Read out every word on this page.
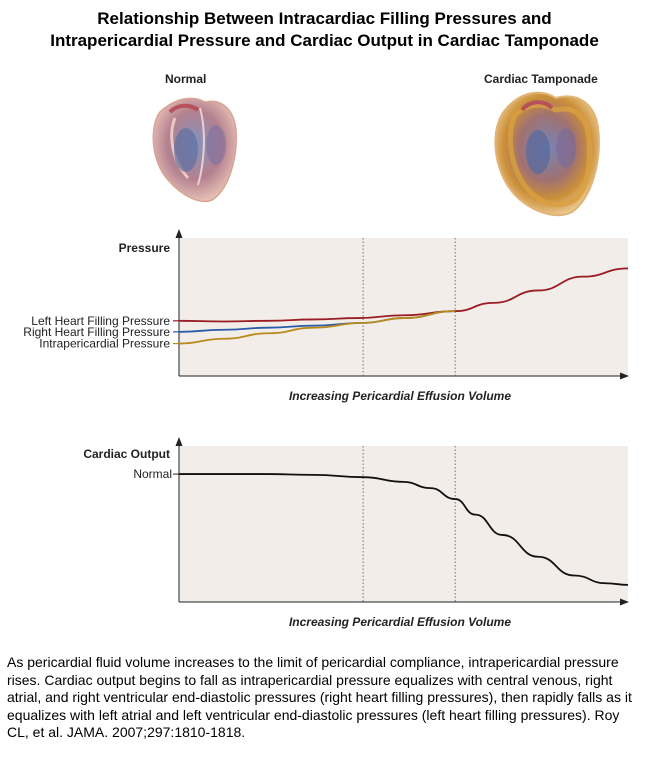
Relationship Between Intracardiac Filling Pressures and
Intrapericardial Pressure and Cardiac Output in Cardiac Tamponade
Normal	Cardiac Tamponade
Left Heart Filling Pressure
Right Heart Filling Pressure
Intrapericardial Pressure
Pressure
Increasing Pericardial Effusion Volume
Normal
Cardiac Output
Increasing Pericardial Effusion Volume
As pericardial fluid volume increases to the limit of pericardial compliance, intrapericardial pressure rises. Cardiac output begins to fall as intrapericardial pressure equalizes with central venous, right atrial, and right ventricular end-diastolic pressures (right heart filling pressures), then rapidly falls as it equalizes with left atrial and left ventricular end-diastolic pressures (left heart filling pressures). Roy CL, et al. JAMA. 2007;297:1810-1818.
